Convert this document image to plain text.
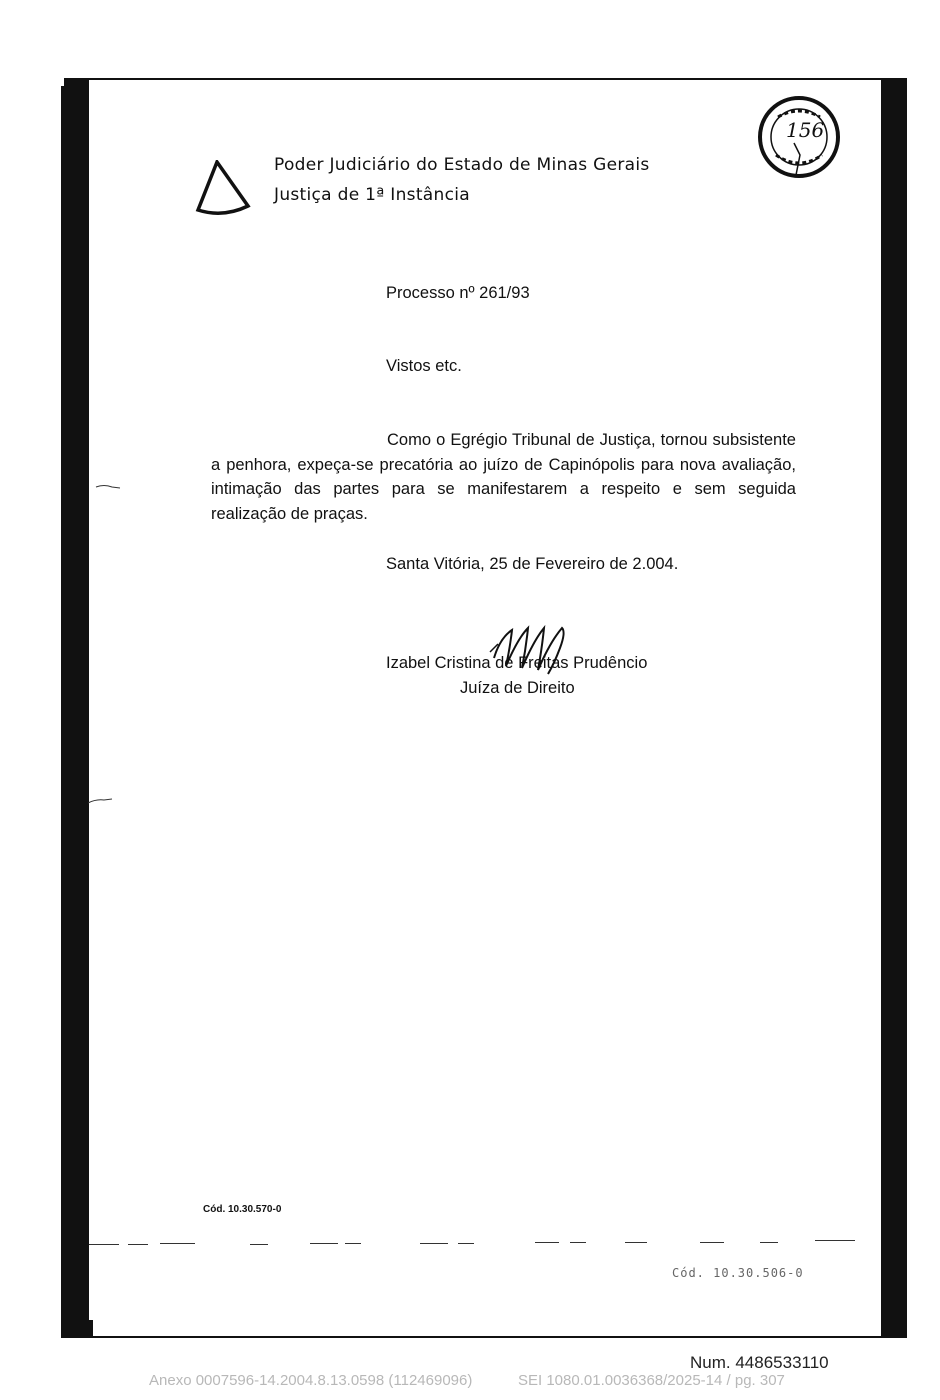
Poder Judiciário do Estado de Minas Gerais
Justiça de 1ª Instância
156
Processo nº 261/93
Vistos etc.
Como o Egrégio Tribunal de Justiça, tornou subsistente a penhora, expeça-se precatória ao juízo de Capinópolis para nova avaliação, intimação das partes para se manifestarem a respeito e sem seguida realização de praças.
Santa Vitória, 25 de Fevereiro de 2.004.
Izabel Cristina de Freitas Prudêncio
Juíza de Direito
Cód. 10.30.570-0
Cód. 10.30.506-0
Num. 4486533110
Anexo 0007596-14.2004.8.13.0598 (112469096)	SEI 1080.01.0036368/2025-14 / pg. 307
